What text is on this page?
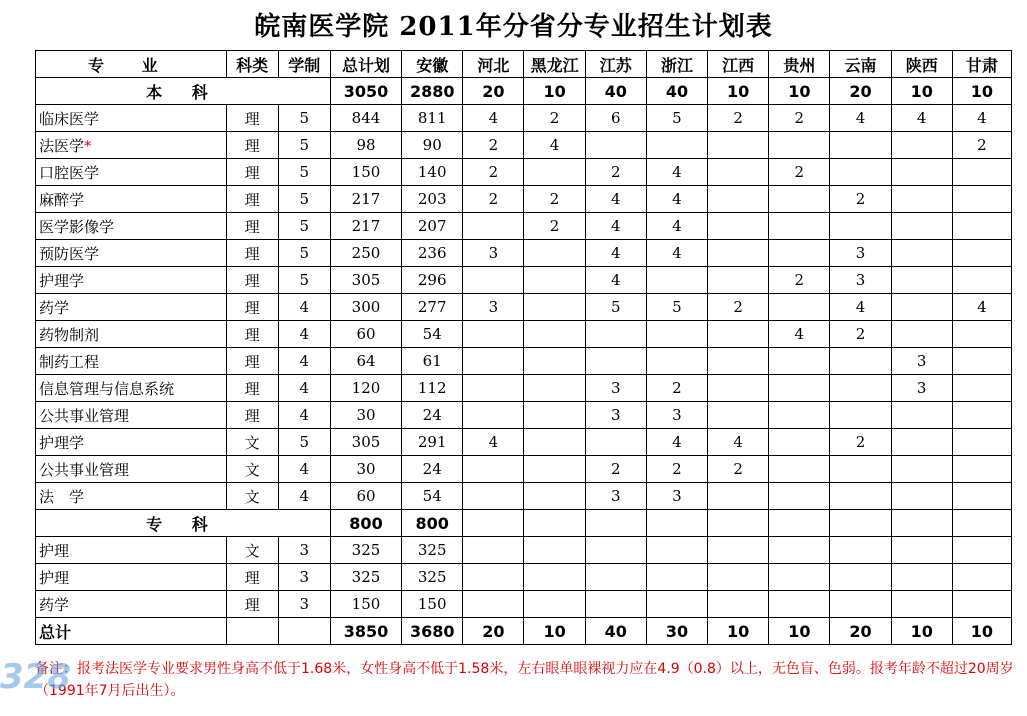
皖南医学院 2011年分省分专业招生计划表
专 业	科类	学制	总计划	安徽	河北	黑龙江	江苏	浙江	江西	贵州	云南	陕西	甘肃
本 科			3050	2880	20	10	40	40	10	10	20	10	10
临床医学	理	5	844	811	4	2	6	5	2	2	4	4	4
法医学*	理	5	98	90	2	4							2
口腔医学	理	5	150	140	2		2	4		2			
麻醉学	理	5	217	203	2	2	4	4			2		
医学影像学	理	5	217	207		2	4	4					
预防医学	理	5	250	236	3		4	4			3		
护理学	理	5	305	296			4			2	3		
药学	理	4	300	277	3		5	5	2		4		4
药物制剂	理	4	60	54						4	2		
制药工程	理	4	64	61								3	
信息管理与信息系统	理	4	120	112			3	2				3	
公共事业管理	理	4	30	24			3	3					
护理学	文	5	305	291	4			4	4		2		
公共事业管理	文	4	30	24			2	2	2				
法　学	文	4	60	54			3	3					
专 科			800	800									
护理	文	3	325	325									
护理	理	3	325	325									
药学	理	3	150	150									
总计			3850	3680	20	10	40	30	10	10	20	10	10
备注：报考法医学专业要求男性身高不低于1.68米，女性身高不低于1.58米，左右眼单眼裸视力应在4.9（0.8）以上，无色盲、色弱。报考年龄不超过20周岁（1991年7月后出生）。
328
